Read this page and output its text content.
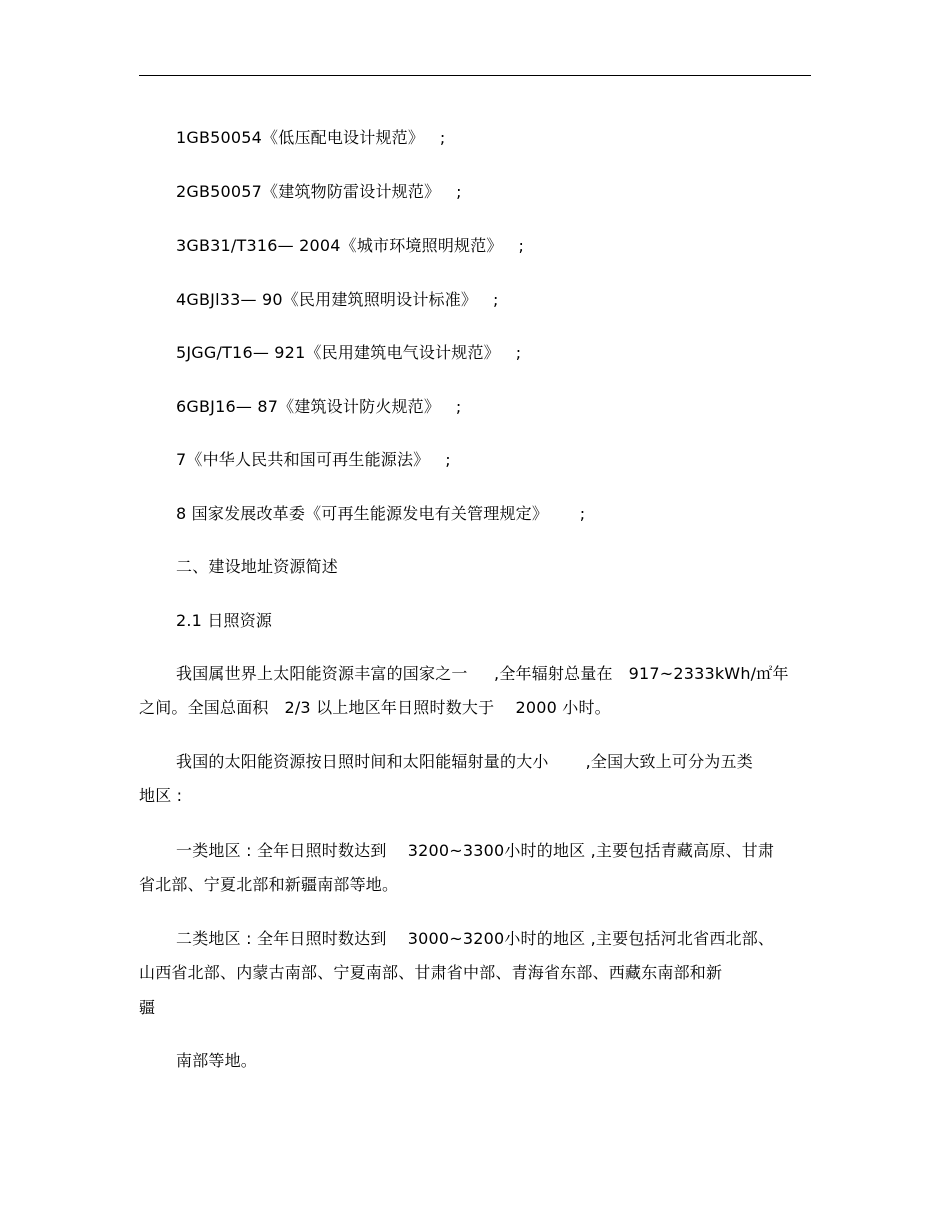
1GB50054《低压配电设计规范》   ;
2GB50057《建筑物防雷设计规范》   ;
3GB31/T316— 2004《城市环境照明规范》   ;
4GBJl33— 90《民用建筑照明设计标准》   ;
5JGG/T16— 921《民用建筑电气设计规范》   ;
6GBJ16— 87《建筑设计防火规范》   ;
7《中华人民共和国可再生能源法》   ;
8 国家发展改革委《可再生能源发电有关管理规定》      ;
二、建设地址资源简述
2.1 日照资源
我国属世界上太阳能资源丰富的国家之一     ,全年辐射总量在   917~2333kWh/㎡年
之间。全国总面积   2/3 以上地区年日照时数大于    2000 小时。
我国的太阳能资源按日照时间和太阳能辐射量的大小       ,全国大致上可分为五类
地区 :
一类地区 : 全年日照时数达到    3200~3300小时的地区 ,主要包括青藏高原、甘肃
省北部、宁夏北部和新疆南部等地。
二类地区 : 全年日照时数达到    3000~3200小时的地区 ,主要包括河北省西北部、
山西省北部、内蒙古南部、宁夏南部、甘肃省中部、青海省东部、西藏东南部和新
疆
南部等地。
